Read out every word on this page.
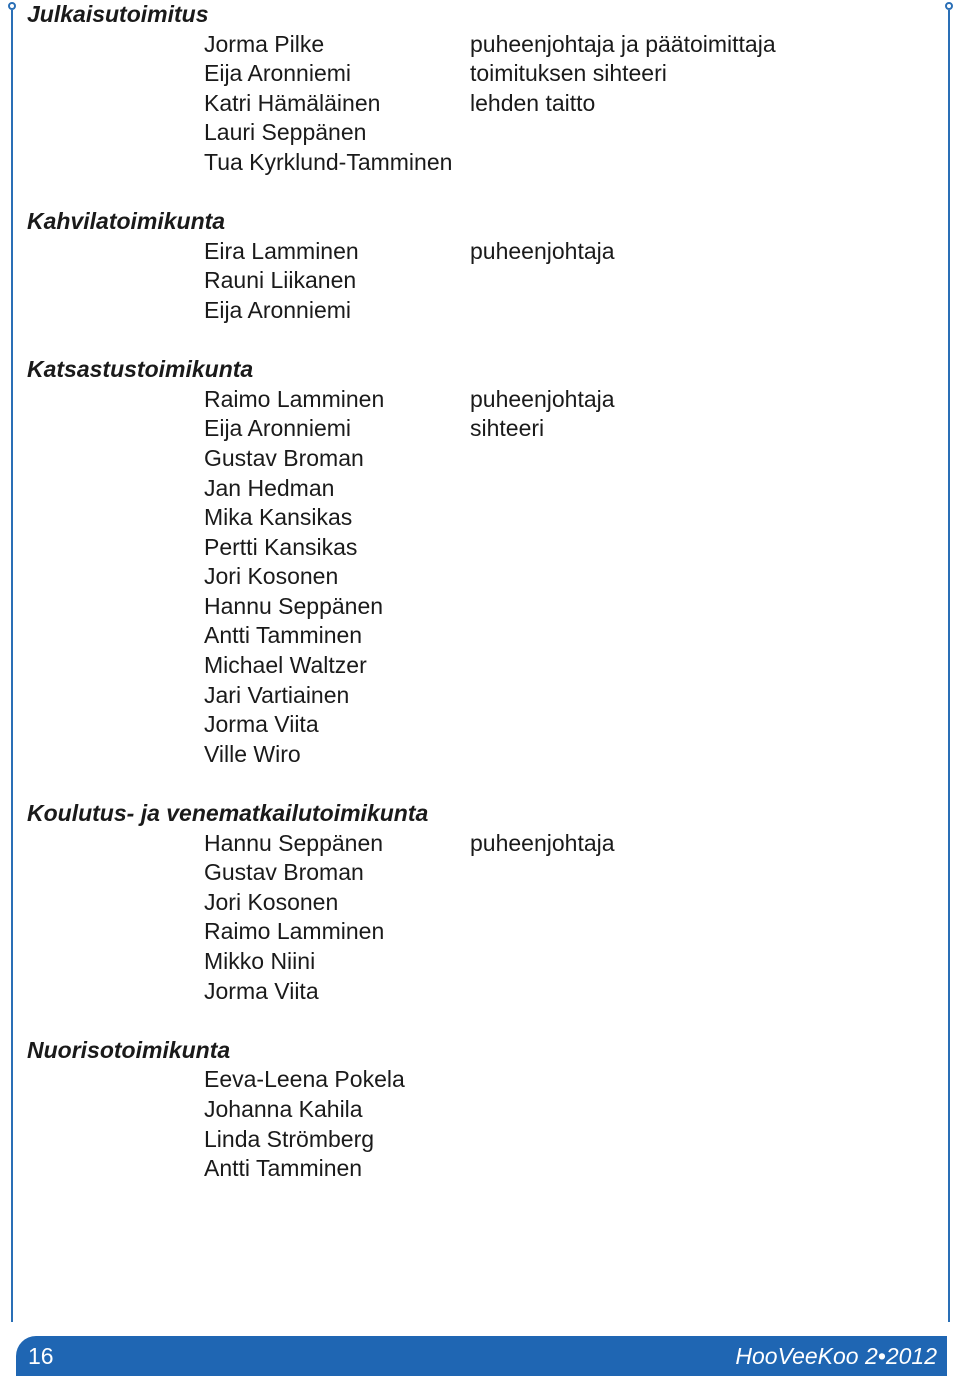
Julkaisutoimitus
Jorma Pilke	puheenjohtaja ja päätoimittaja
Eija Aronniemi	toimituksen sihteeri
Katri Hämäläinen	lehden taitto
Lauri Seppänen
Tua Kyrklund-Tamminen
Kahvilatoimikunta
Eira Lamminen	puheenjohtaja
Rauni Liikanen
Eija Aronniemi
Katsastustoimikunta
Raimo Lamminen	puheenjohtaja
Eija Aronniemi	sihteeri
Gustav Broman
Jan Hedman
Mika Kansikas
Pertti Kansikas
Jori Kosonen
Hannu Seppänen
Antti Tamminen
Michael Waltzer
Jari Vartiainen
Jorma Viita
Ville Wiro
Koulutus- ja venematkailutoimikunta
Hannu Seppänen	puheenjohtaja
Gustav Broman
Jori Kosonen
Raimo Lamminen
Mikko Niini
Jorma Viita
Nuorisotoimikunta
Eeva-Leena Pokela
Johanna Kahila
Linda Strömberg
Antti Tamminen
16	HooVeeKoo 2•2012
